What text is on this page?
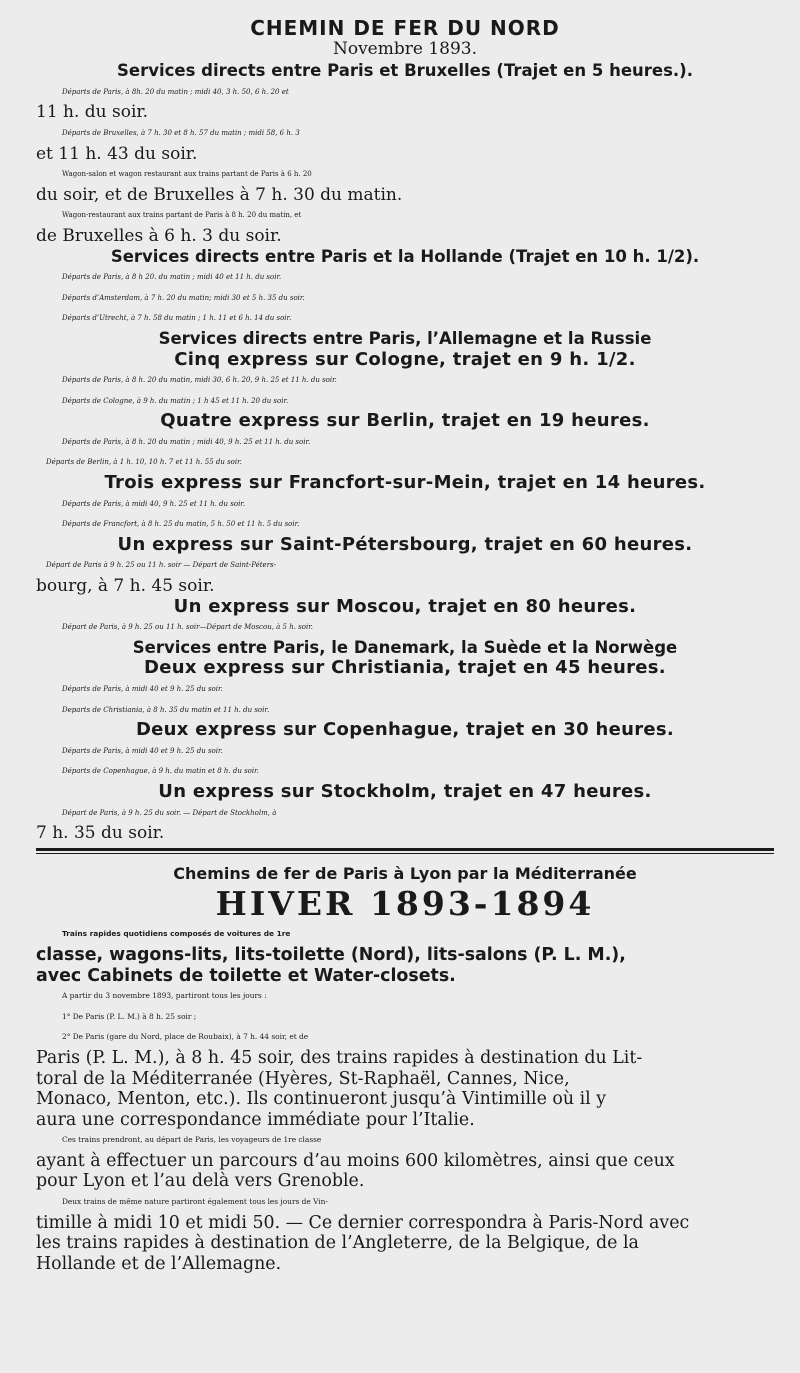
CHEMIN DE FER DU NORD
Novembre 1893.
Services directs entre Paris et Bruxelles (Trajet en 5 heures.).
Départs de Paris, à 8h. 20 du matin ; midi 40, 3 h. 50, 6 h. 20 et
11 h. du soir.
Départs de Bruxelles, à 7 h. 30 et 8 h. 57 du matin ; midi 58, 6 h. 3
et 11 h. 43 du soir.
Wagon-salon et wagon restaurant aux trains partant de Paris à 6 h. 20
du soir, et de Bruxelles à 7 h. 30 du matin.
Wagon-restaurant aux trains partant de Paris à 8 h. 20 du matin, et
de Bruxelles à 6 h. 3 du soir.
Services directs entre Paris et la Hollande (Trajet en 10 h. 1/2).
Départs de Paris, à 8 h 20. du matin ; midi 40 et 11 h. du soir.
Départs d’Amsterdam, à 7 h. 20 du matin; midi 30 et 5 h. 35 du soir.
Départs d’Utrecht, à 7 h. 58 du matin ; 1 h. 11 et 6 h. 14 du soir.
Services directs entre Paris, l’Allemagne et la Russie
Cinq express sur Cologne, trajet en 9 h. 1/2.
Départs de Paris, à 8 h. 20 du matin, midi 30, 6 h. 20, 9 h. 25 et 11 h. du soir.
Départs de Cologne, à 9 h. du matin ; 1 h 45 et 11 h. 20 du soir.
Quatre express sur Berlin, trajet en 19 heures.
Départs de Paris, à 8 h. 20 du matin ; midi 40, 9 h. 25 et 11 h. du soir.
Départs de Berlin, à 1 h. 10, 10 h. 7 et 11 h. 55 du soir.
Trois express sur Francfort-sur-Mein, trajet en 14 heures.
Départs de Paris, à midi 40, 9 h. 25 et 11 h. du soir.
Départs de Francfort, à 8 h. 25 du matin, 5 h. 50 et 11 h. 5 du soir.
Un express sur Saint-Pétersbourg, trajet en 60 heures.
Départ de Paris à 9 h. 25 ou 11 h. soir — Départ de Saint-Péters-
bourg, à 7 h. 45 soir.
Un express sur Moscou, trajet en 80 heures.
Départ de Paris, à 9 h. 25 ou 11 h. soir—Départ de Moscou, à 5 h. soir.
Services entre Paris, le Danemark, la Suède et la Norwège
Deux express sur Christiania, trajet en 45 heures.
Départs de Paris, à midi 40 et 9 h. 25 du soir.
Departs de Christiania, à 8 h. 35 du matin et 11 h. du soir.
Deux express sur Copenhague, trajet en 30 heures.
Départs de Paris, à midi 40 et 9 h. 25 du soir.
Départs de Copenhague, à 9 h. du matin et 8 h. du soir.
Un express sur Stockholm, trajet en 47 heures.
Départ de Paris, à 9 h. 25 du soir. — Départ de Stockholm, à
7 h. 35 du soir.
Chemins de fer de Paris à Lyon par la Méditerranée
HIVER 1893-1894
Trains rapides quotidiens composés de voitures de 1re
classe, wagons-lits, lits-toilette (Nord), lits-salons (P. L. M.),
avec Cabinets de toilette et Water-closets.
A partir du 3 novembre 1893, partiront tous les jours :
1° De Paris (P. L. M.) à 8 h. 25 soir ;
2° De Paris (gare du Nord, place de Roubaix), à 7 h. 44 soir, et de
Paris (P. L. M.), à 8 h. 45 soir, des trains rapides à destination du Lit-
toral de la Méditerranée (Hyères, St-Raphaël, Cannes, Nice,
Monaco, Menton, etc.). Ils continueront jusqu’à Vintimille où il y
aura une correspondance immédiate pour l’Italie.
Ces trains prendront, au départ de Paris, les voyageurs de 1re classe
ayant à effectuer un parcours d’au moins 600 kilomètres, ainsi que ceux
pour Lyon et l’au delà vers Grenoble.
Deux trains de même nature partiront également tous les jours de Vin-
timille à midi 10 et midi 50. — Ce dernier correspondra à Paris-Nord avec
les trains rapides à destination de l’Angleterre, de la Belgique, de la
Hollande et de l’Allemagne.
